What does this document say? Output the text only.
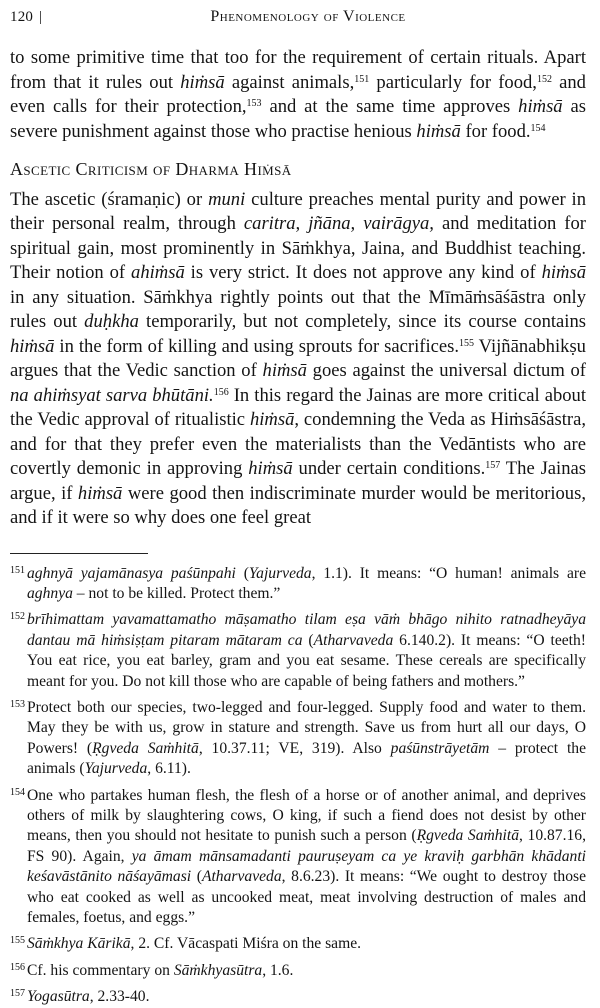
120 |	Phenomenology of Violence

to some primitive time that too for the requirement of certain rituals. Apart from that it rules out hiṁsā against animals,$^{151}$ particularly for food,$^{152}$ and even calls for their protection,$^{153}$ and at the same time approves hiṁsā as severe punishment against those who practise henious hiṁsā for food.$^{154}$

Ascetic Criticism of Dharma Hiṁsā

The ascetic (śramaṇic) or muni culture preaches mental purity and power in their personal realm, through caritra, jñāna, vairāgya, and meditation for spiritual gain, most prominently in Sāṁkhya, Jaina, and Buddhist teaching. Their notion of ahiṁsā is very strict. It does not approve any kind of hiṁsā in any situation. Sāṁkhya rightly points out that the Mīmāṁsāśāstra only rules out duḥkha temporarily, but not completely, since its course contains hiṁsā in the form of killing and using sprouts for sacrifices.$^{155}$ Vijñānabhikṣu argues that the Vedic sanction of hiṁsā goes against the universal dictum of na ahiṁsyat sarva bhūtāni.$^{156}$ In this regard the Jainas are more critical about the Vedic approval of ritualistic hiṁsā, condemning the Veda as Hiṁsāśāstra, and for that they prefer even the materialists than the Vedāntists who are covertly demonic in approving hiṁsā under certain conditions.$^{157}$ The Jainas argue, if hiṁsā were good then indiscriminate murder would be meritorious, and if it were so why does one feel great

151 aghnyā yajamānasya paśūnpahi (Yajurveda, 1.1). It means: “O human! animals are aghnya – not to be killed. Protect them.”
152 brīhimattam yavamattamatho māṣamatho tilam eṣa vāṁ bhāgo nihito ratnadheyāya dantau mā hiṁsiṣṭam pitaram mātaram ca (Atharvaveda 6.140.2). It means: “O teeth! You eat rice, you eat barley, gram and you eat sesame. These cereals are specifically meant for you. Do not kill those who are capable of being fathers and mothers.”
153 Protect both our species, two-legged and four-legged. Supply food and water to them. May they be with us, grow in stature and strength. Save us from hurt all our days, O Powers! (Ṛgveda Saṁhitā, 10.37.11; VE, 319). Also paśūnstrāyetām – protect the animals (Yajurveda, 6.11).
154 One who partakes human flesh, the flesh of a horse or of another animal, and deprives others of milk by slaughtering cows, O king, if such a fiend does not desist by other means, then you should not hesitate to punish such a person (Ṛgveda Saṁhitā, 10.87.16, FS 90). Again, ya āmam mānsamadanti pauruṣeyam ca ye kraviḥ garbhān khādanti keśavāstānito nāśayāmasi (Atharvaveda, 8.6.23). It means: “We ought to destroy those who eat cooked as well as uncooked meat, meat involving destruction of males and females, foetus, and eggs.”
155 Sāṁkhya Kārikā, 2. Cf. Vācaspati Miśra on the same.
156 Cf. his commentary on Sāṁkhyasūtra, 1.6.
157 Yogasūtra, 2.33-40.
